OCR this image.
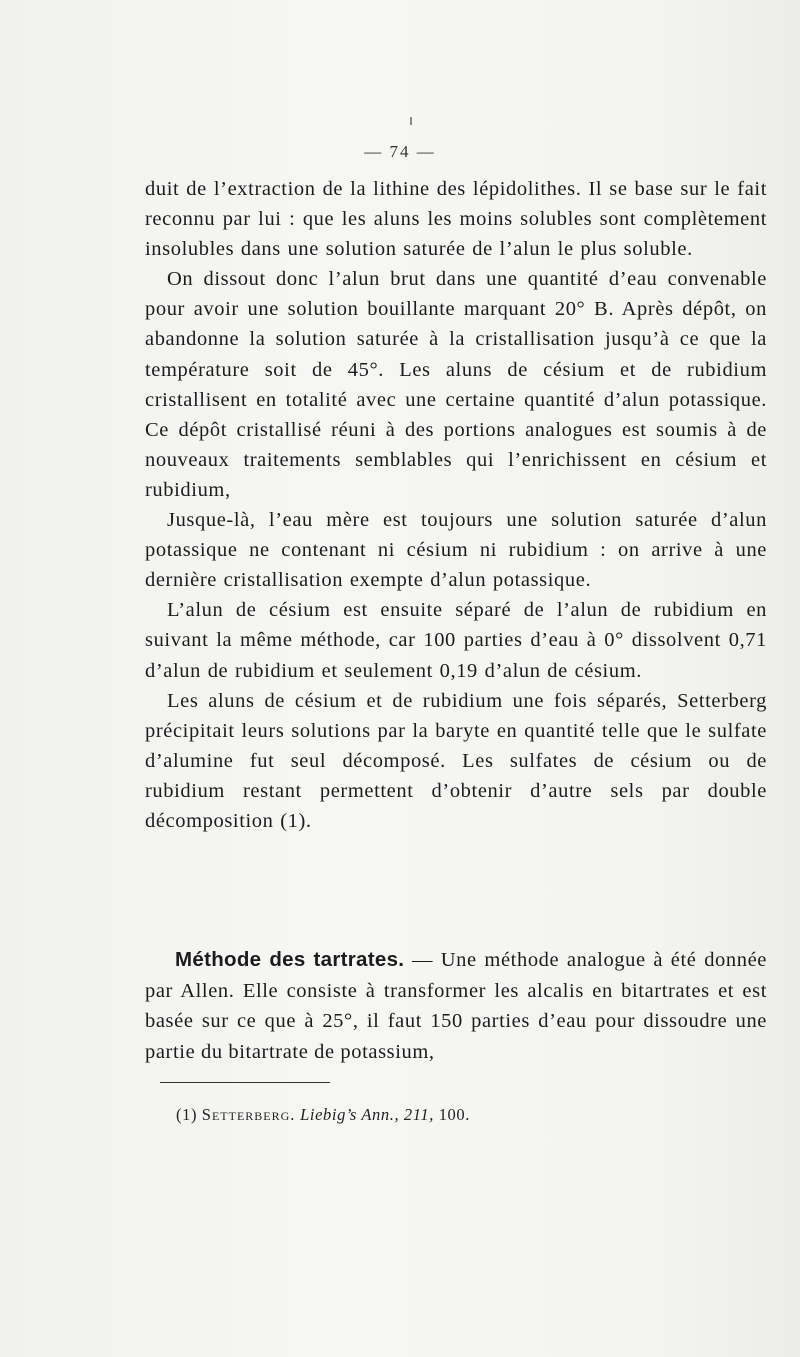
— 74 —

duit de l’extraction de la lithine des lépidolithes. Il se base sur le fait reconnu par lui : que les aluns les moins solubles sont complètement insolubles dans une solution saturée de l’alun le plus soluble.

On dissout donc l’alun brut dans une quantité d’eau convenable pour avoir une solution bouillante marquant 20° B. Après dépôt, on abandonne la solution saturée à la cristallisation jusqu’à ce que la température soit de 45°. Les aluns de césium et de rubidium cristallisent en totalité avec une certaine quantité d’alun potassique. Ce dépôt cristallisé réuni à des portions analogues est soumis à de nouveaux traitements semblables qui l’enrichissent en césium et rubidium,

Jusque-là, l’eau mère est toujours une solution saturée d’alun potassique ne contenant ni césium ni rubidium : on arrive à une dernière cristallisation exempte d’alun potassique.

L’alun de césium est ensuite séparé de l’alun de rubidium en suivant la même méthode, car 100 parties d’eau à 0° dissolvent 0,71 d’alun de rubidium et seulement 0,19 d’alun de césium.

Les aluns de césium et de rubidium une fois séparés, Setterberg précipitait leurs solutions par la baryte en quantité telle que le sulfate d’alumine fut seul décomposé. Les sulfates de césium ou de rubidium restant permettent d’obtenir d’autre sels par double décomposition (1).

Méthode des tartrates. — Une méthode analogue à été donnée par Allen. Elle consiste à transformer les alcalis en bitartrates et est basée sur ce que à 25°, il faut 150 parties d’eau pour dissoudre une partie du bitartrate de potassium,
(1) Setterberg. Liebig’s Ann., 211, 100.
